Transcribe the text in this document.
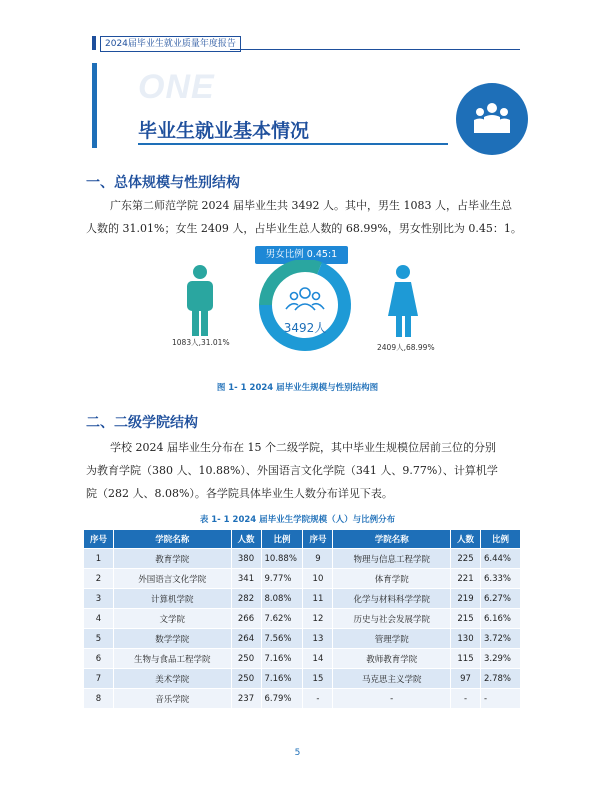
2024届毕业生就业质量年度报告
ONE
毕业生就业基本情况
一、总体规模与性别结构
广东第二师范学院 2024 届毕业生共 3492 人。其中，男生 1083 人，占毕业生总
人数的 31.01%；女生 2409 人，占毕业生总人数的 68.99%，男女性别比为 0.45：1。
男女比例 0.45:1
3492人
1083人,31.01%
2409人,68.99%
图 1- 1 2024 届毕业生规模与性别结构图
二、二级学院结构
学校 2024 届毕业生分布在 15 个二级学院，其中毕业生规模位居前三位的分别
为教育学院（380 人、10.88%）、外国语言文化学院（341 人、9.77%）、计算机学
院（282 人、8.08%）。各学院具体毕业生人数分布详见下表。
表 1- 1 2024 届毕业生学院规模（人）与比例分布
序号	学院名称	人数	比例	序号	学院名称	人数	比例
1	教育学院	380	10.88%	9	物理与信息工程学院	225	6.44%
2	外国语言文化学院	341	9.77%	10	体育学院	221	6.33%
3	计算机学院	282	8.08%	11	化学与材料科学学院	219	6.27%
4	文学院	266	7.62%	12	历史与社会发展学院	215	6.16%
5	数学学院	264	7.56%	13	管理学院	130	3.72%
6	生物与食品工程学院	250	7.16%	14	教师教育学院	115	3.29%
7	美术学院	250	7.16%	15	马克思主义学院	97	2.78%
8	音乐学院	237	6.79%	-	-	-	-
5
